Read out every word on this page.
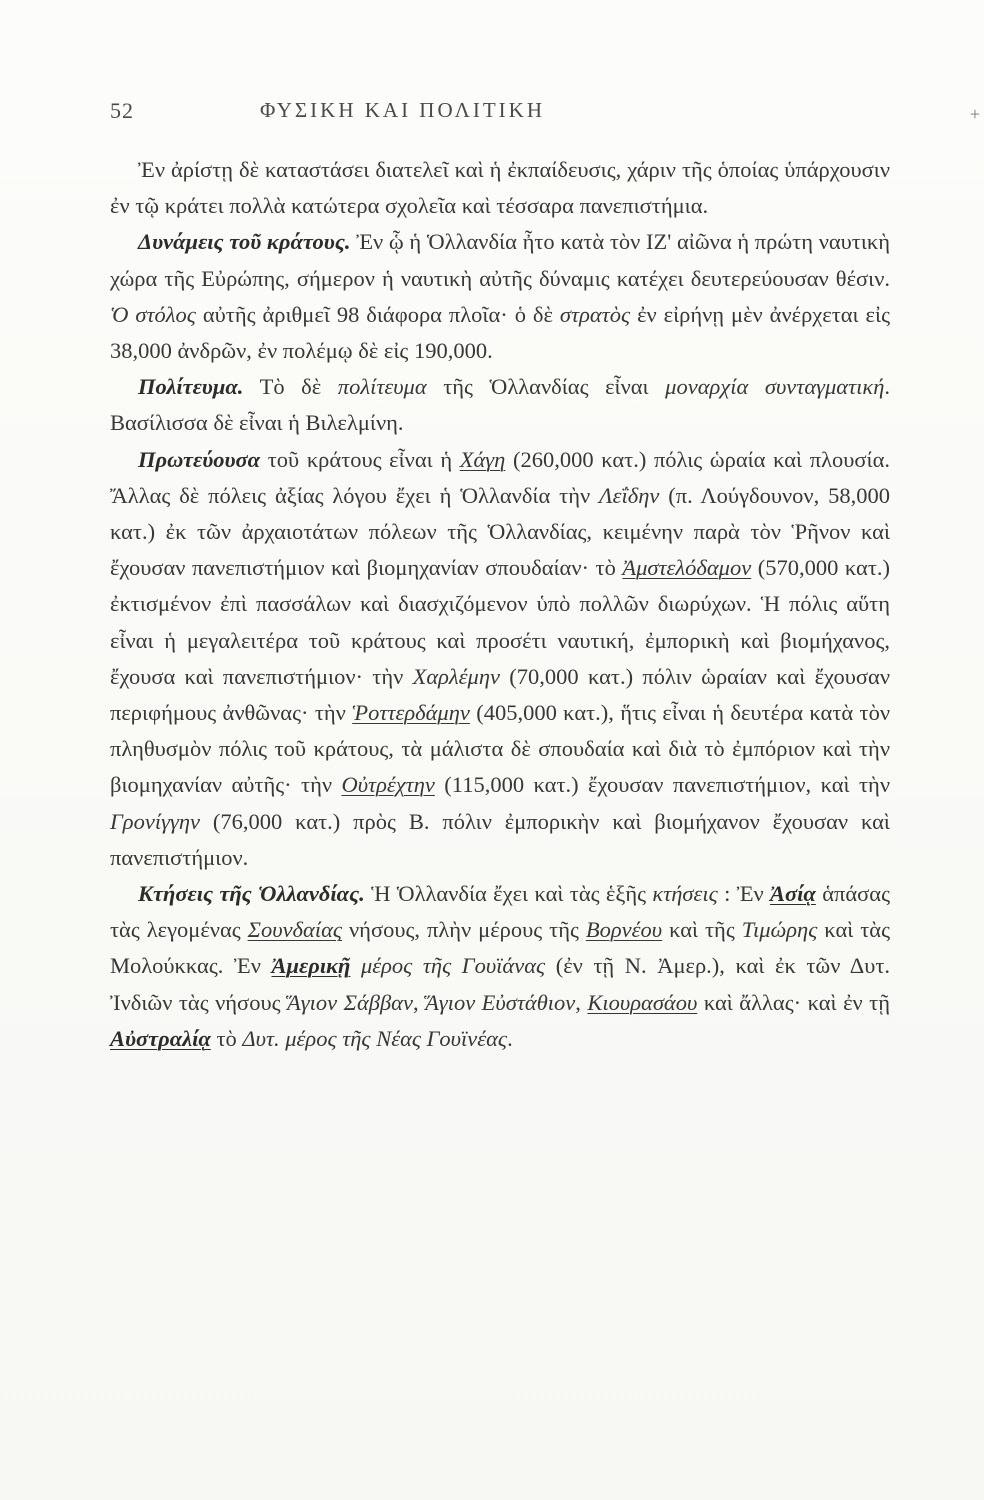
52	ΦΥΣΙΚΗ ΚΑΙ ΠΟΛΙΤΙΚΗ	+

Ἐν ἀρίστῃ δὲ καταστάσει διατελεῖ καὶ ἡ ἐκπαίδευσις, χάριν τῆς ὁποίας ὑπάρχουσιν ἐν τῷ κράτει πολλὰ κατώτερα σχολεῖα καὶ τέσσαρα πανεπιστήμια.

Δυνάμεις τοῦ κράτους. Ἐν ᾧ ἡ Ὁλλανδία ἦτο κατὰ τὸν ΙΖ' αἰῶνα ἡ πρώτη ναυτικὴ χώρα τῆς Εὐρώπης, σήμερον ἡ ναυτικὴ αὐτῆς δύναμις κατέχει δευτερεύουσαν θέσιν. Ὁ στόλος αὐτῆς ἀριθμεῖ 98 διάφορα πλοῖα· ὁ δὲ στρατὸς ἐν εἰρήνῃ μὲν ἀνέρχεται εἰς 38,000 ἀνδρῶν, ἐν πολέμῳ δὲ εἰς 190,000.

Πολίτευμα. Τὸ δὲ πολίτευμα τῆς Ὁλλανδίας εἶναι μοναρχία συνταγματική. Βασίλισσα δὲ εἶναι ἡ Βιλελμίνη.

Πρωτεύουσα τοῦ κράτους εἶναι ἡ Χάγη (260,000 κατ.) πόλις ὡραία καὶ πλουσία. Ἄλλας δὲ πόλεις ἀξίας λόγου ἔχει ἡ Ὁλλανδία τὴν Λεΐδην (π. Λούγδουνον, 58,000 κατ.) ἐκ τῶν ἀρχαιοτάτων πόλεων τῆς Ὁλλανδίας, κειμένην παρὰ τὸν Ῥῆνον καὶ ἔχουσαν πανεπιστήμιον καὶ βιομηχανίαν σπουδαίαν· τὸ Ἀμστελόδαμον (570,000 κατ.) ἐκτισμένον ἐπὶ πασσάλων καὶ διασχιζόμενον ὑπὸ πολλῶν διωρύχων. Ἡ πόλις αὕτη εἶναι ἡ μεγαλειτέρα τοῦ κράτους καὶ προσέτι ναυτική, ἐμπορικὴ καὶ βιομήχανος, ἔχουσα καὶ πανεπιστήμιον· τὴν Χαρλέμην (70,000 κατ.) πόλιν ὡραίαν καὶ ἔχουσαν περιφήμους ἀνθῶνας· τὴν Ῥοττερδάμην (405,000 κατ.), ἥτις εἶναι ἡ δευτέρα κατὰ τὸν πληθυσμὸν πόλις τοῦ κράτους, τὰ μάλιστα δὲ σπουδαία καὶ διὰ τὸ ἐμπόριον καὶ τὴν βιομηχανίαν αὐτῆς· τὴν Οὐτρέχτην (115,000 κατ.) ἔχουσαν πανεπιστήμιον, καὶ τὴν Γρονίγγην (76,000 κατ.) πρὸς Β. πόλιν ἐμπορικὴν καὶ βιομήχανον ἔχουσαν καὶ πανεπιστήμιον.

Κτήσεις τῆς Ὁλλανδίας. Ἡ Ὁλλανδία ἔχει καὶ τὰς ἑξῆς κτήσεις : Ἐν Ἀσίᾳ ἁπάσας τὰς λεγομένας Σουνδαίας νήσους, πλὴν μέρους τῆς Βορνέου καὶ τῆς Τιμώρης καὶ τὰς Μολούκκας. Ἐν Ἀμερικῇ μέρος τῆς Γουϊάνας (ἐν τῇ Ν. Ἀμερ.), καὶ ἐκ τῶν Δυτ. Ἰνδιῶν τὰς νήσους Ἅγιον Σάββαν, Ἅγιον Εὐστάθιον, Κιουρασάου καὶ ἄλλας· καὶ ἐν τῇ Αὐστραλίᾳ τὸ Δυτ. μέρος τῆς Νέας Γουϊνέας.
